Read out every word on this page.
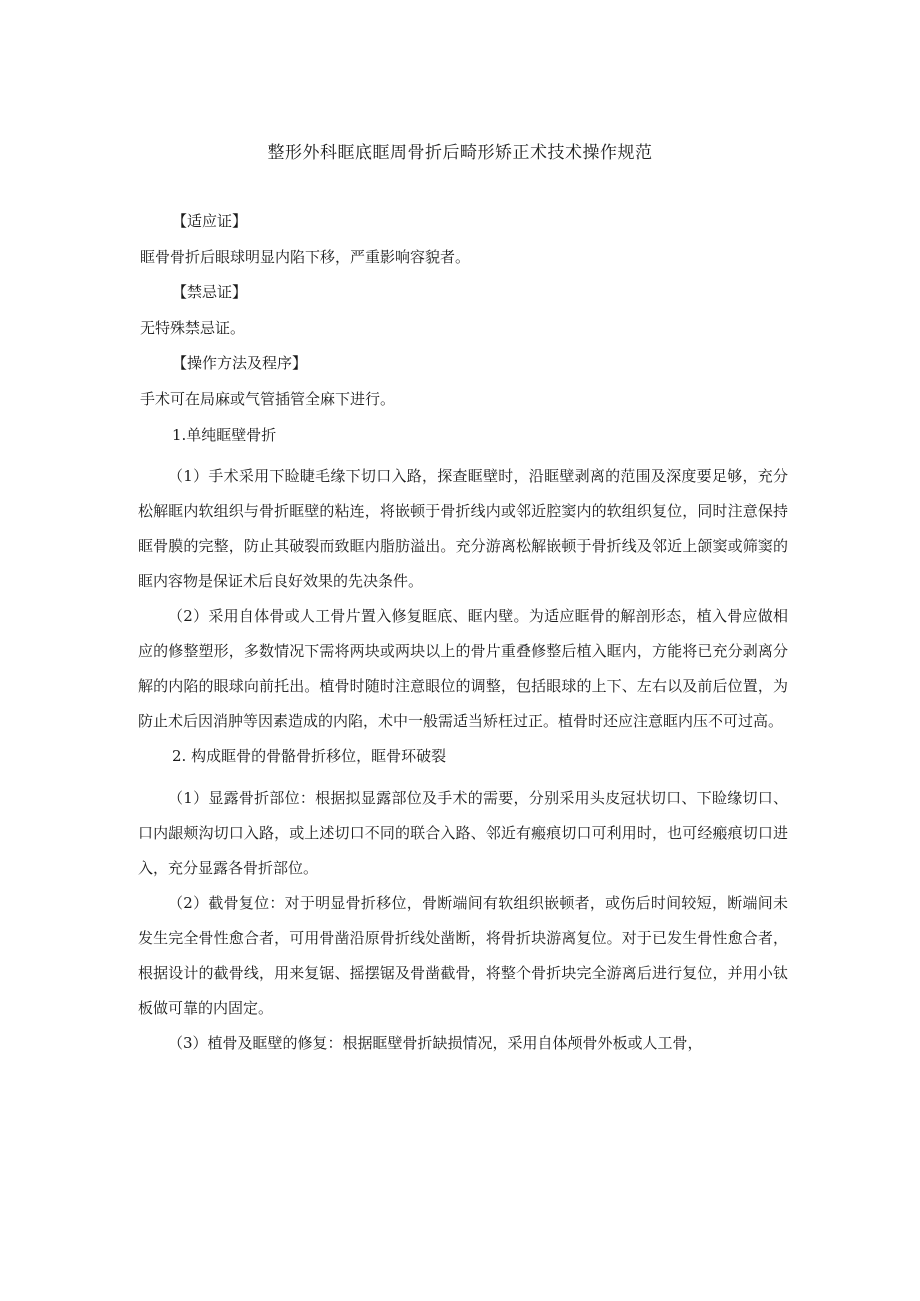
整形外科眶底眶周骨折后畸形矫正术技术操作规范
【适应证】
眶骨骨折后眼球明显内陷下移，严重影响容貌者。
【禁忌证】
无特殊禁忌证。
【操作方法及程序】
手术可在局麻或气管插管全麻下进行。
1.单纯眶壁骨折

（1）手术采用下睑睫毛缘下切口入路，探查眶壁时，沿眶壁剥离的范围及深度要足够，充分松解眶内软组织与骨折眶壁的粘连，将嵌顿于骨折线内或邻近腔窦内的软组织复位，同时注意保持眶骨膜的完整，防止其破裂而致眶内脂肪溢出。充分游离松解嵌顿于骨折线及邻近上颌窦或筛窦的眶内容物是保证术后良好效果的先决条件。

（2）采用自体骨或人工骨片置入修复眶底、眶内壁。为适应眶骨的解剖形态，植入骨应做相应的修整塑形，多数情况下需将两块或两块以上的骨片重叠修整后植入眶内，方能将已充分剥离分解的内陷的眼球向前托出。植骨时随时注意眼位的调整，包括眼球的上下、左右以及前后位置，为防止术后因消肿等因素造成的内陷，术中一般需适当矫枉过正。植骨时还应注意眶内压不可过高。

2. 构成眶骨的骨骼骨折移位，眶骨环破裂

（1）显露骨折部位：根据拟显露部位及手术的需要，分别采用头皮冠状切口、下睑缘切口、口内龈颊沟切口入路，或上述切口不同的联合入路、邻近有瘢痕切口可利用时，也可经瘢痕切口进入，充分显露各骨折部位。

（2）截骨复位：对于明显骨折移位，骨断端间有软组织嵌顿者，或伤后时间较短，断端间未发生完全骨性愈合者，可用骨凿沿原骨折线处凿断，将骨折块游离复位。对于已发生骨性愈合者，根据设计的截骨线，用来复锯、摇摆锯及骨凿截骨，将整个骨折块完全游离后进行复位，并用小钛板做可靠的内固定。

（3）植骨及眶壁的修复：根据眶壁骨折缺损情况，采用自体颅骨外板或人工骨，
